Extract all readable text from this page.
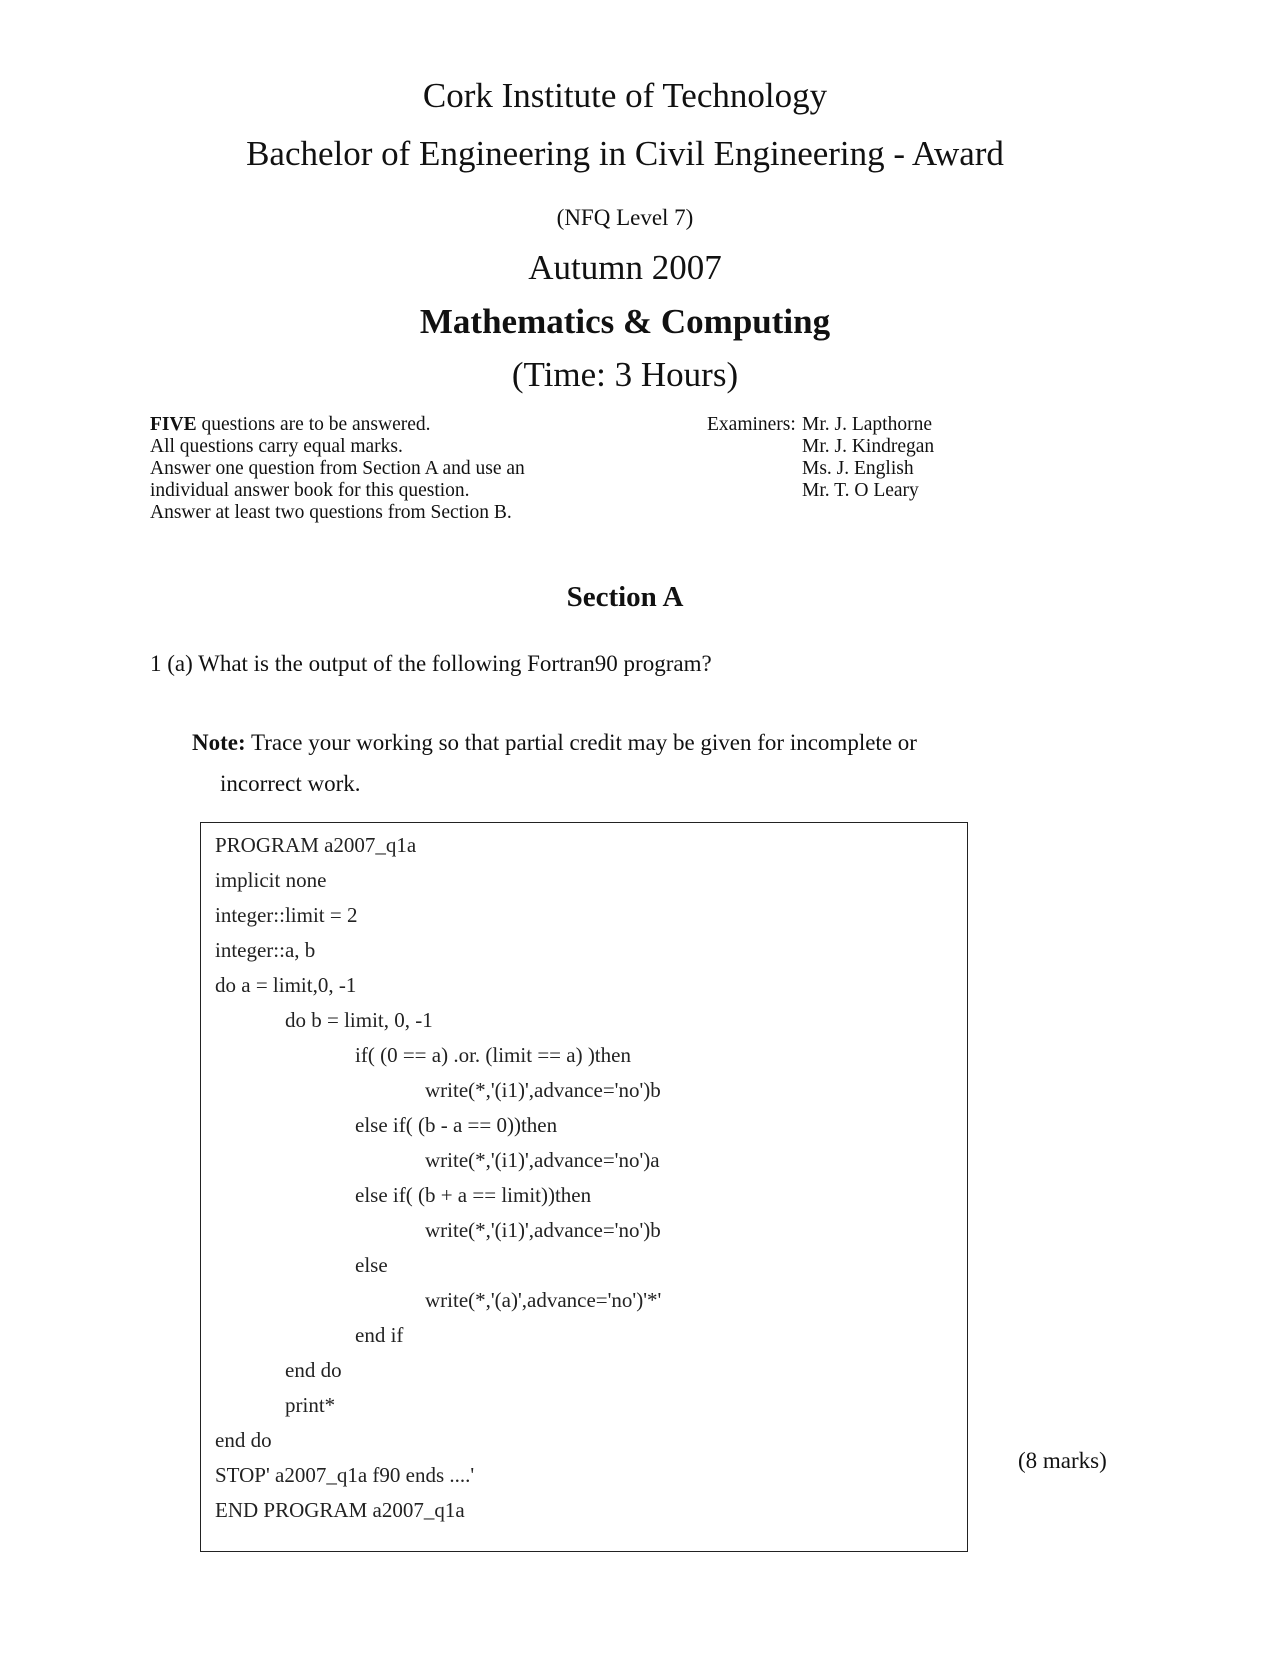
Cork Institute of Technology
Bachelor of Engineering in Civil Engineering - Award
(NFQ Level 7)
Autumn 2007
Mathematics & Computing
(Time: 3 Hours)
FIVE questions are to be answered.
All questions carry equal marks.
Answer one question from Section A and use an
individual answer book for this question.
Answer at least two questions from Section B.
Examiners: Mr. J. Lapthorne
Mr. J. Kindregan
Ms. J. English
Mr. T. O Leary
Section A
1 (a) What is the output of the following Fortran90 program?
Note: Trace your working so that partial credit may be given for incomplete or
incorrect work.
PROGRAM a2007_q1a
implicit none
integer::limit = 2
integer::a, b
do a = limit,0, -1
do b = limit, 0, -1
if( (0 == a) .or. (limit == a) )then
write(*,'(i1)',advance='no')b
else if( (b - a == 0))then
write(*,'(i1)',advance='no')a
else if( (b + a == limit))then
write(*,'(i1)',advance='no')b
else
write(*,'(a)',advance='no')'*'
end if
end do
print*
end do
STOP' a2007_q1a f90 ends ....'
END PROGRAM a2007_q1a
(8 marks)
